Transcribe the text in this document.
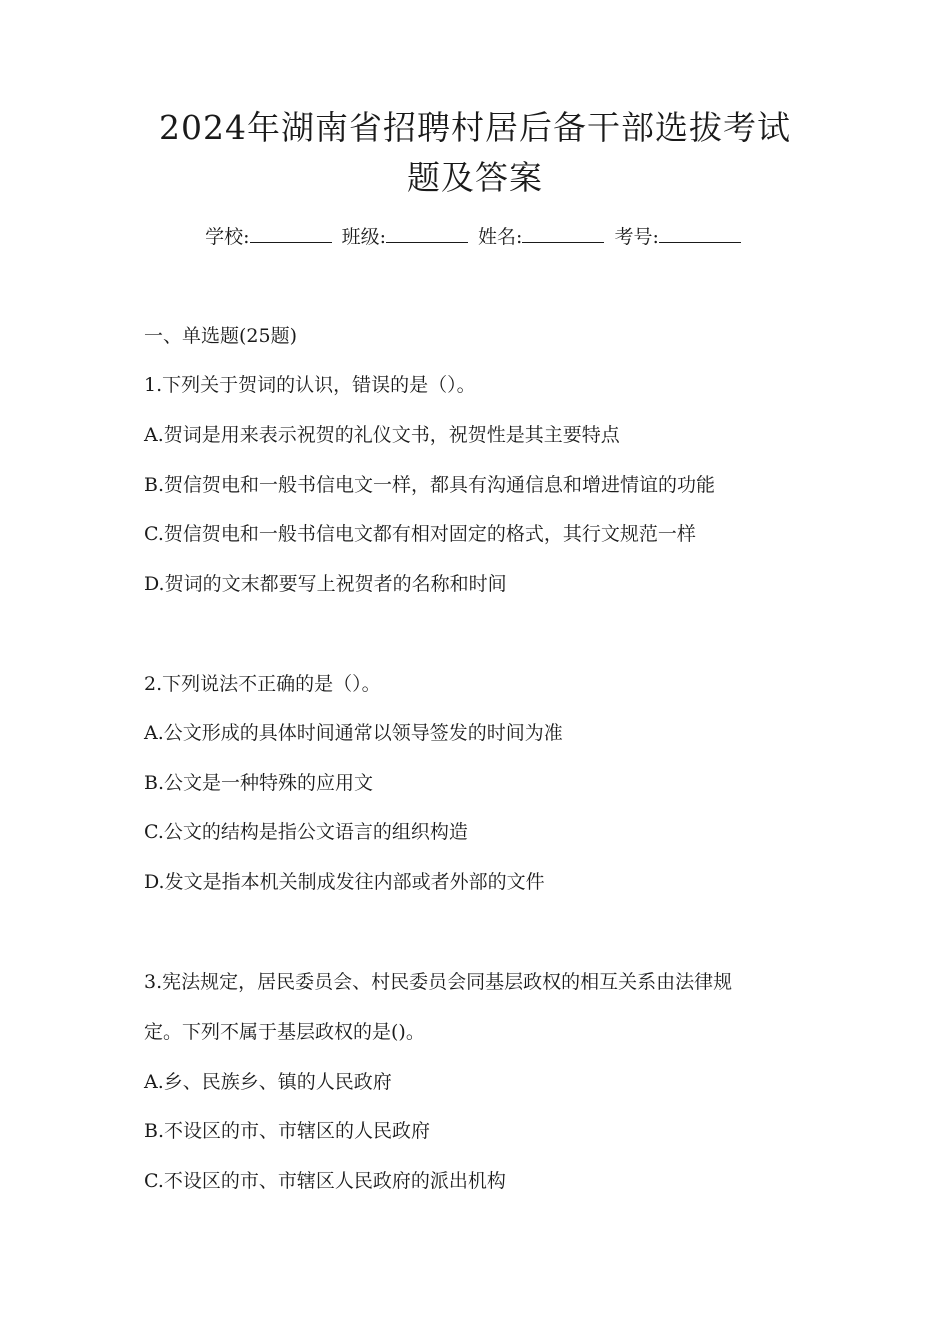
2024年湖南省招聘村居后备干部选拔考试
题及答案
学校:	班级:	姓名:	考号:
一、单选题(25题)
1.下列关于贺词的认识，错误的是（）。
A.贺词是用来表示祝贺的礼仪文书，祝贺性是其主要特点
B.贺信贺电和一般书信电文一样，都具有沟通信息和增进情谊的功能
C.贺信贺电和一般书信电文都有相对固定的格式，其行文规范一样
D.贺词的文末都要写上祝贺者的名称和时间
2.下列说法不正确的是（）。
A.公文形成的具体时间通常以领导签发的时间为准
B.公文是一种特殊的应用文
C.公文的结构是指公文语言的组织构造
D.发文是指本机关制成发往内部或者外部的文件
3.宪法规定，居民委员会、村民委员会同基层政权的相互关系由法律规
定。下列不属于基层政权的是()。
A.乡、民族乡、镇的人民政府
B.不设区的市、市辖区的人民政府
C.不设区的市、市辖区人民政府的派出机构
